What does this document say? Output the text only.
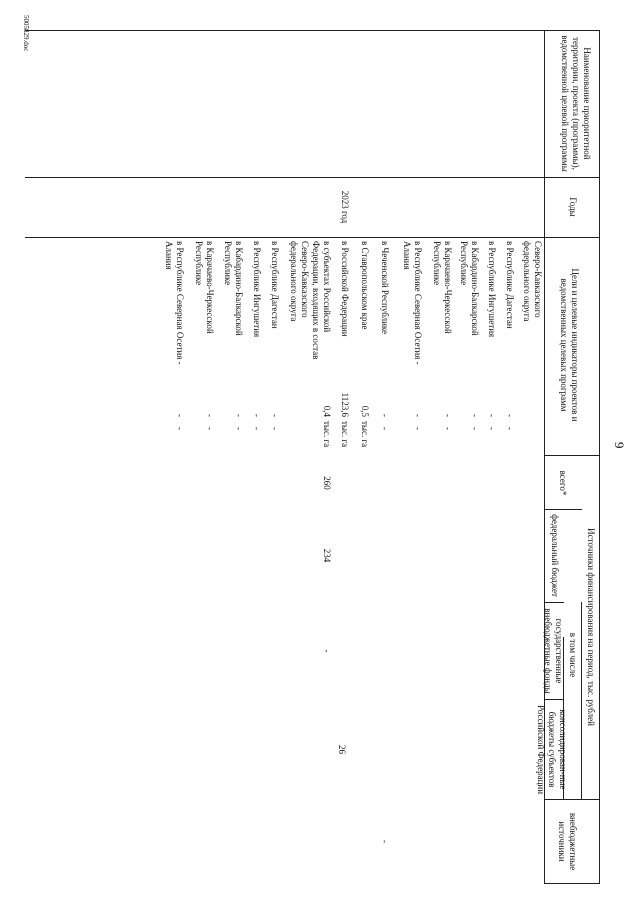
9
Наименование приоритетной территории, проекта (программы), ведомственной целевой программы
Годы
Цели и целевые индикаторы проектов и ведомственных целевых программ
Источники финансирования на период, тыс. рублей
всего*
в том числе
федеральный бюджет
государственные внебюджетные фонды
консолидирован-ные бюджеты субъектов Российской Федерации
внебюджетные источники
Северо-Кавказского федерального округа
в Республике Дагестан
-
-
в Республике Ингушетия
-
-
в Кабардино-Балкарской Республике
-
-
в Карачаево-Черкесской Республике
-
-
в Республике Северная Осетия - Алания
-
-
в Чеченской Республике
-
-
в Ставропольском крае
0,5
тыс. га
2023 год
в Российской Федерации
1123,6
тыс. га
в субъектах Российской Федерации, входящих в состав Северо-Кавказского федерального округа
0,4
тыс. га
260
234
-
26
-
в Республике Дагестан
-
-
в Республике Ингушетия
-
-
в Кабардино-Балкарской Республике
-
-
в Карачаево-Черкесской Республике
-
-
в Республике Северная Осетия - Алания
-
-
5005829.doc
